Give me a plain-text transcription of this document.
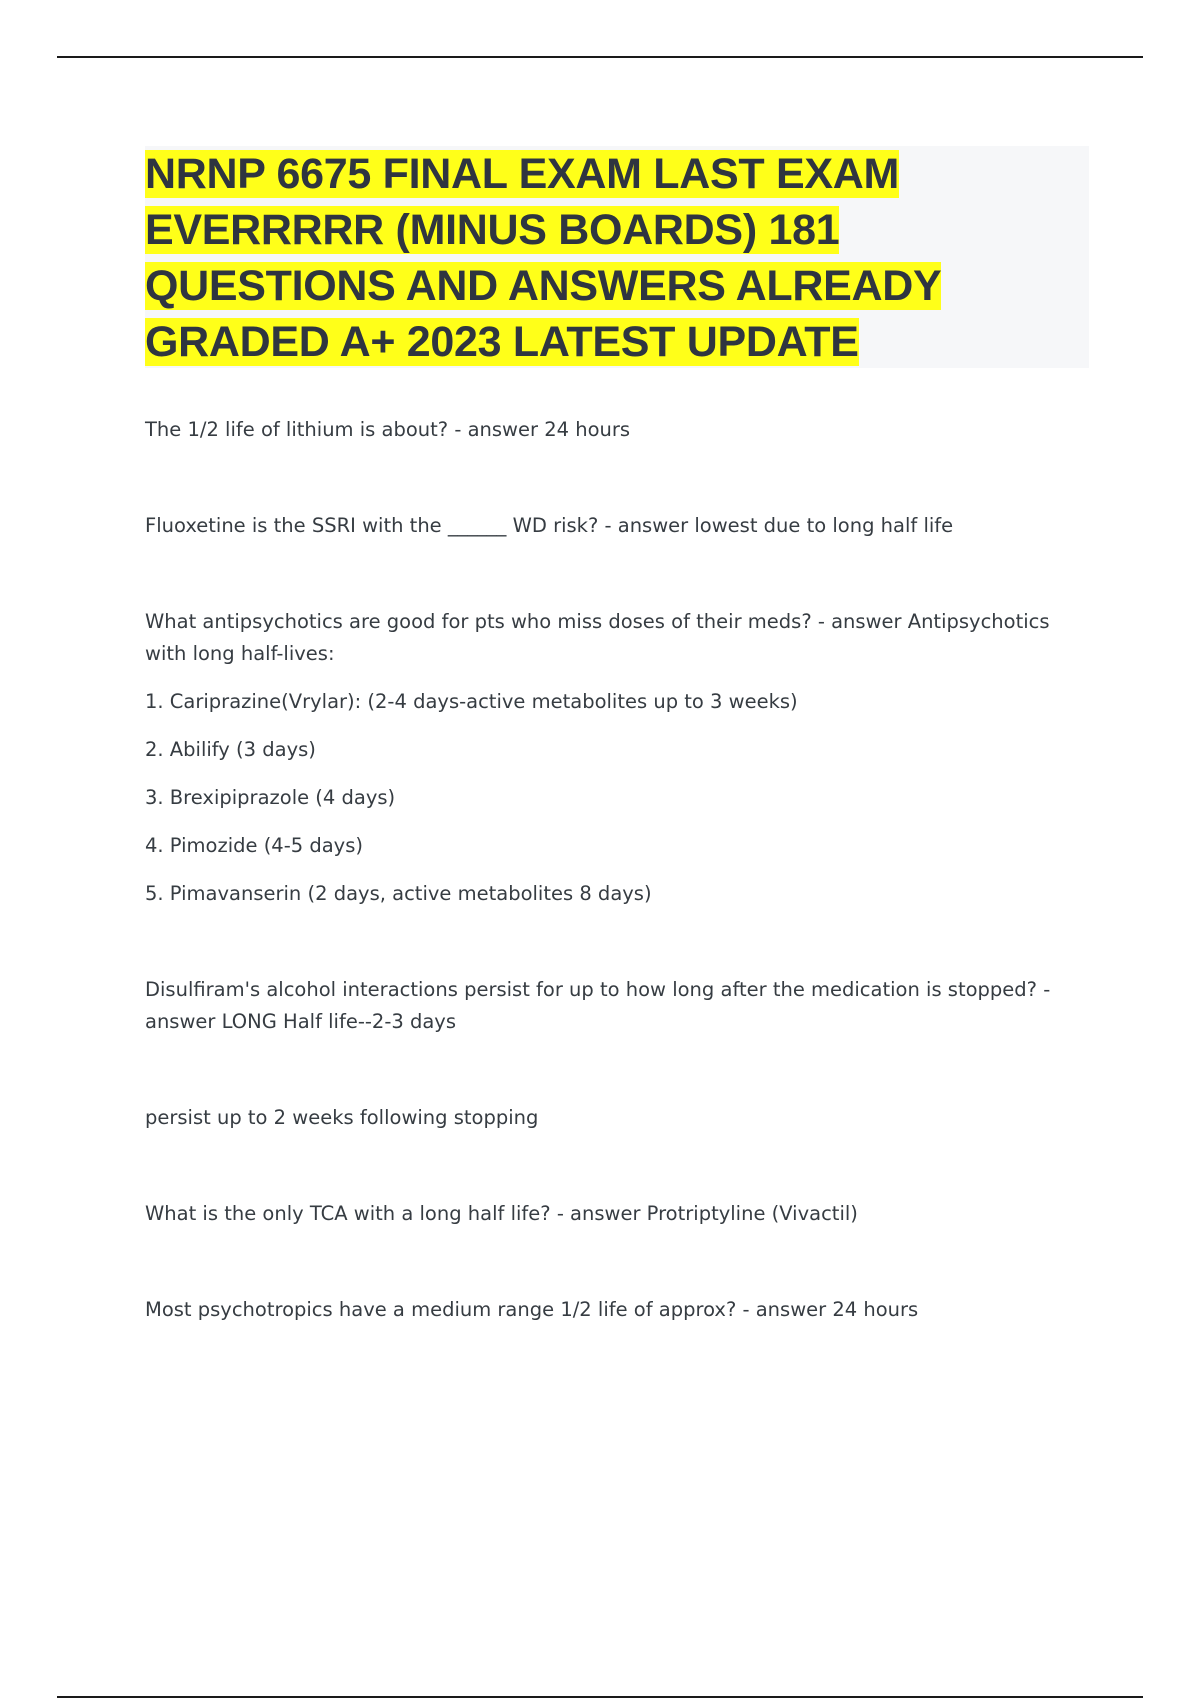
NRNP 6675 FINAL EXAM LAST EXAM EVERRRRR (MINUS BOARDS) 181 QUESTIONS AND ANSWERS ALREADY GRADED A+ 2023 LATEST UPDATE

The 1/2 life of lithium is about? - answer 24 hours

Fluoxetine is the SSRI with the ______ WD risk? - answer lowest due to long half life

What antipsychotics are good for pts who miss doses of their meds? - answer Antipsychotics with long half-lives:

1. Cariprazine(Vrylar): (2-4 days-active metabolites up to 3 weeks)

2. Abilify (3 days)

3. Brexipiprazole (4 days)

4. Pimozide (4-5 days)

5. Pimavanserin (2 days, active metabolites 8 days)

Disulfiram's alcohol interactions persist for up to how long after the medication is stopped? - answer LONG Half life--2-3 days

persist up to 2 weeks following stopping

What is the only TCA with a long half life? - answer Protriptyline (Vivactil)

Most psychotropics have a medium range 1/2 life of approx? - answer 24 hours
